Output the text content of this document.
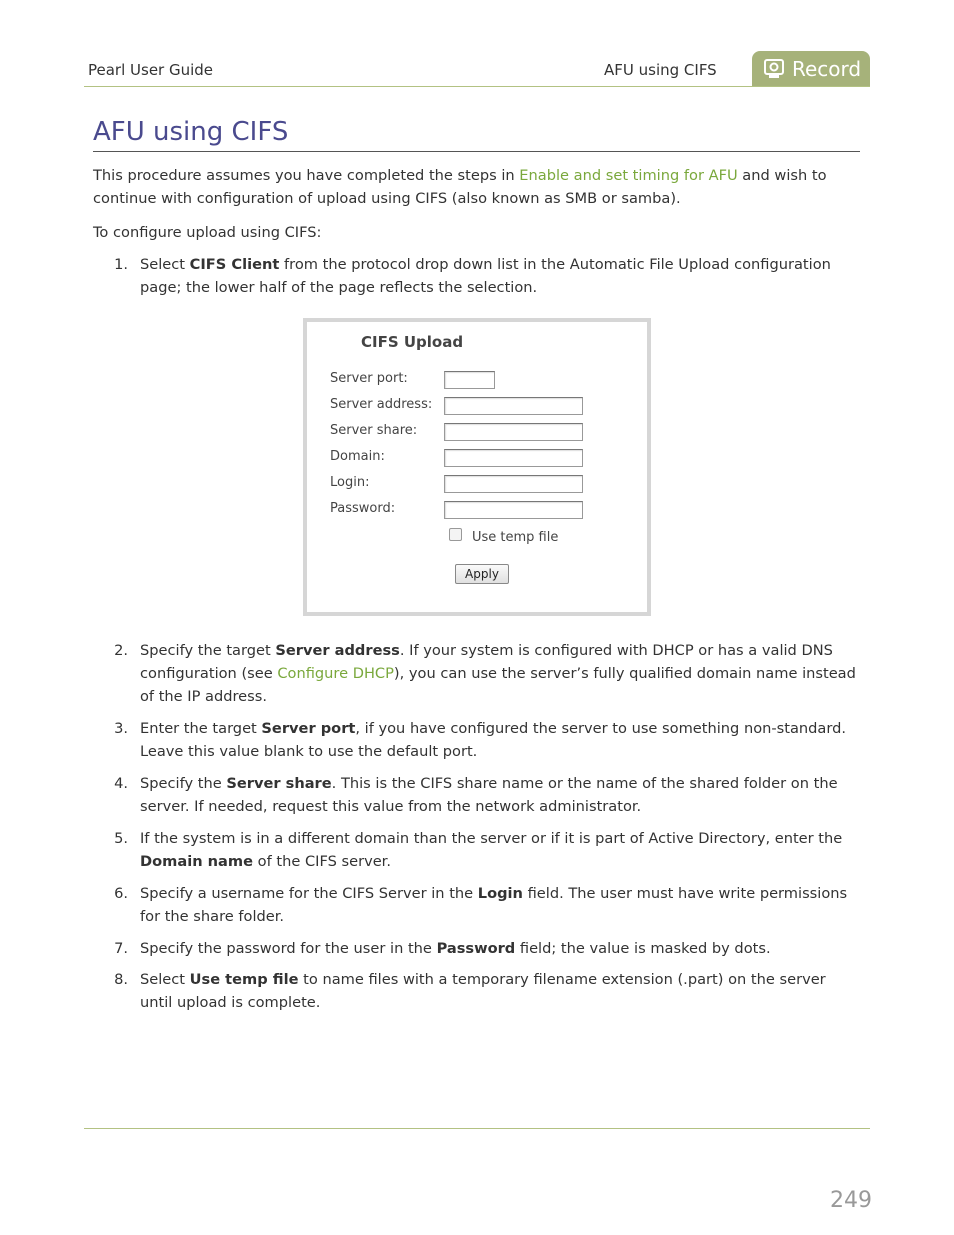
Pearl User Guide	AFU using CIFS	Record
AFU using CIFS
This procedure assumes you have completed the steps in Enable and set timing for AFU and wish to continue with configuration of upload using CIFS (also known as SMB or samba).
To configure upload using CIFS:
1. Select CIFS Client from the protocol drop down list in the Automatic File Upload configuration page; the lower half of the page reflects the selection.
CIFS Upload
Server port:
Server address:
Server share:
Domain:
Login:
Password:
Use temp file
Apply
2. Specify the target Server address. If your system is configured with DHCP or has a valid DNS configuration (see Configure DHCP), you can use the server’s fully qualified domain name instead of the IP address.
3. Enter the target Server port, if you have configured the server to use something non-standard. Leave this value blank to use the default port.
4. Specify the Server share. This is the CIFS share name or the name of the shared folder on the server. If needed, request this value from the network administrator.
5. If the system is in a different domain than the server or if it is part of Active Directory, enter the Domain name of the CIFS server.
6. Specify a username for the CIFS Server in the Login field. The user must have write permissions for the share folder.
7. Specify the password for the user in the Password field; the value is masked by dots.
8. Select Use temp file to name files with a temporary filename extension (.part) on the server until upload is complete.
249
